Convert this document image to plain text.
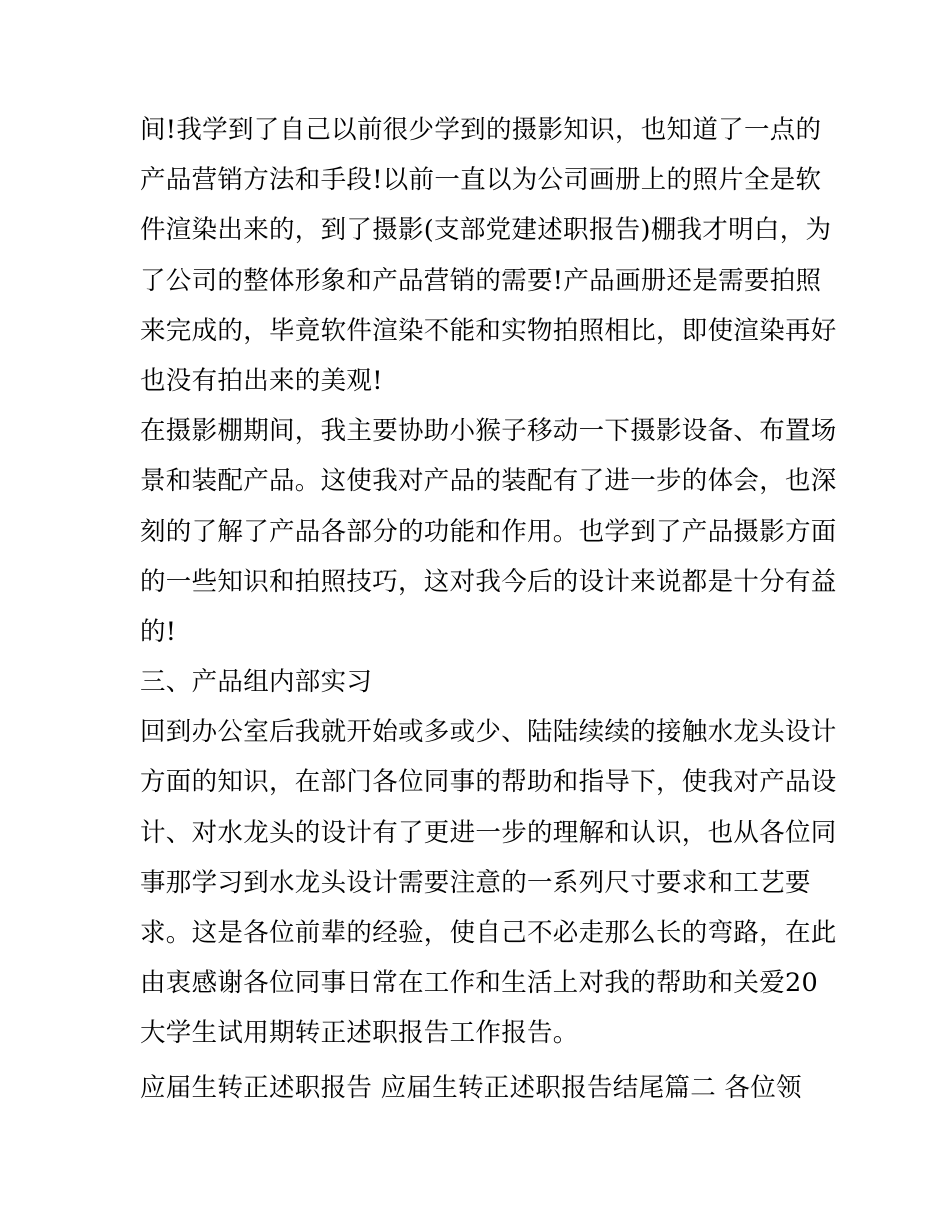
间!我学到了自己以前很少学到的摄影知识，也知道了一点的
产品营销方法和手段!以前一直以为公司画册上的照片全是软
件渲染出来的，到了摄影(支部党建述职报告)棚我才明白，为
了公司的整体形象和产品营销的需要!产品画册还是需要拍照
来完成的，毕竟软件渲染不能和实物拍照相比，即使渲染再好
也没有拍出来的美观!
在摄影棚期间，我主要协助小猴子移动一下摄影设备、布置场
景和装配产品。这使我对产品的装配有了进一步的体会，也深
刻的了解了产品各部分的功能和作用。也学到了产品摄影方面
的一些知识和拍照技巧，这对我今后的设计来说都是十分有益
的!
三、产品组内部实习
回到办公室后我就开始或多或少、陆陆续续的接触水龙头设计
方面的知识，在部门各位同事的帮助和指导下，使我对产品设
计、对水龙头的设计有了更进一步的理解和认识，也从各位同
事那学习到水龙头设计需要注意的一系列尺寸要求和工艺要
求。这是各位前辈的经验，使自己不必走那么长的弯路，在此
由衷感谢各位同事日常在工作和生活上对我的帮助和关爱20
大学生试用期转正述职报告工作报告。
应届生转正述职报告 应届生转正述职报告结尾篇二 各位领
